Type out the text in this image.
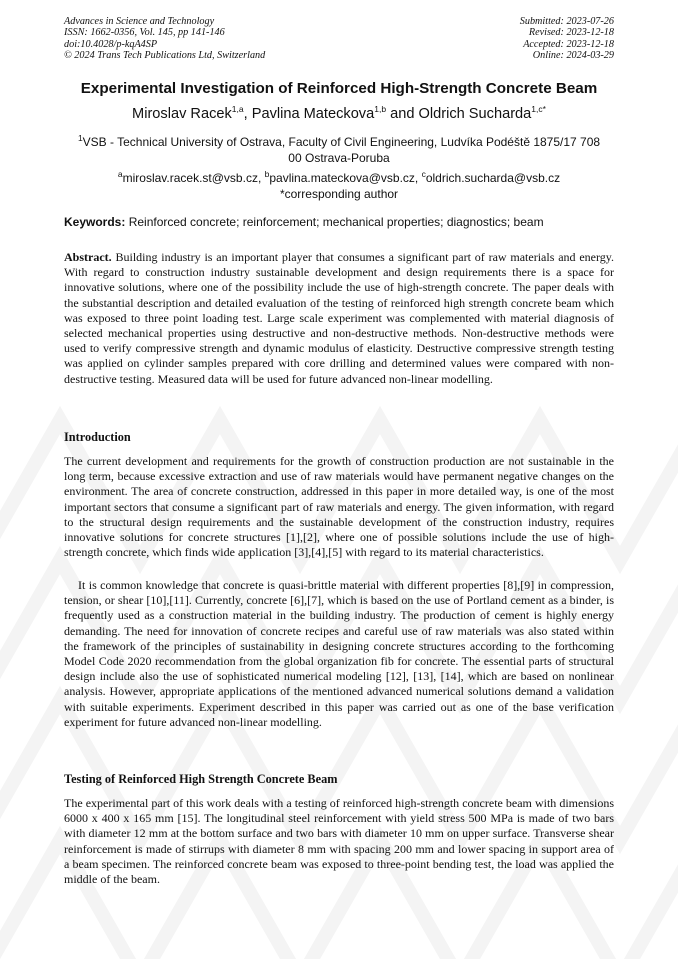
Advances in Science and Technology
ISSN: 1662-0356, Vol. 145, pp 141-146
doi:10.4028/p-kqA4SP
© 2024 Trans Tech Publications Ltd, Switzerland
Submitted: 2023-07-26
Revised: 2023-12-18
Accepted: 2023-12-18
Online: 2024-03-29
Experimental Investigation of Reinforced High-Strength Concrete Beam
Miroslav Racek$^{1,a}$, Pavlina Mateckova$^{1,b}$ and Oldrich Sucharda$^{1,c*}$
$^1$VSB - Technical University of Ostrava, Faculty of Civil Engineering, Ludvíka Podéště 1875/17 708 00 Ostrava-Poruba
$^a$miroslav.racek.st@vsb.cz, $^b$pavlina.mateckova@vsb.cz, $^c$oldrich.sucharda@vsb.cz
*corresponding author
Keywords: Reinforced concrete; reinforcement; mechanical properties; diagnostics; beam

Abstract. Building industry is an important player that consumes a significant part of raw materials and energy. With regard to construction industry sustainable development and design requirements there is a space for innovative solutions, where one of the possibility include the use of high-strength concrete. The paper deals with the substantial description and detailed evaluation of the testing of reinforced high strength concrete beam which was exposed to three point loading test. Large scale experiment was complemented with material diagnosis of selected mechanical properties using destructive and non-destructive methods. Non-destructive methods were used to verify compressive strength and dynamic modulus of elasticity. Destructive compressive strength testing was applied on cylinder samples prepared with core drilling and determined values were compared with non-destructive testing. Measured data will be used for future advanced non-linear modelling.

Introduction

The current development and requirements for the growth of construction production are not sustainable in the long term, because excessive extraction and use of raw materials would have permanent negative changes on the environment. The area of concrete construction, addressed in this paper in more detailed way, is one of the most important sectors that consume a significant part of raw materials and energy. The given information, with regard to the structural design requirements and the sustainable development of the construction industry, requires innovative solutions for concrete structures [1],[2], where one of possible solutions include the use of high-strength concrete, which finds wide application [3],[4],[5] with regard to its material characteristics.

It is common knowledge that concrete is quasi-brittle material with different properties [8],[9] in compression, tension, or shear [10],[11]. Currently, concrete [6],[7], which is based on the use of Portland cement as a binder, is frequently used as a construction material in the building industry. The production of cement is highly energy demanding. The need for innovation of concrete recipes and careful use of raw materials was also stated within the framework of the principles of sustainability in designing concrete structures according to the forthcoming Model Code 2020 recommendation from the global organization fib for concrete. The essential parts of structural design include also the use of sophisticated numerical modeling [12], [13], [14], which are based on nonlinear analysis. However, appropriate applications of the mentioned advanced numerical solutions demand a validation with suitable experiments. Experiment described in this paper was carried out as one of the base verification experiment for future advanced non-linear modelling.

Testing of Reinforced High Strength Concrete Beam

The experimental part of this work deals with a testing of reinforced high-strength concrete beam with dimensions 6000 x 400 x 165 mm [15]. The longitudinal steel reinforcement with yield stress 500 MPa is made of two bars with diameter 12 mm at the bottom surface and two bars with diameter 10 mm on upper surface. Transverse shear reinforcement is made of stirrups with diameter 8 mm with spacing 200 mm and lower spacing in support area of a beam specimen. The reinforced concrete beam was exposed to three-point bending test, the load was applied the middle of the beam.
